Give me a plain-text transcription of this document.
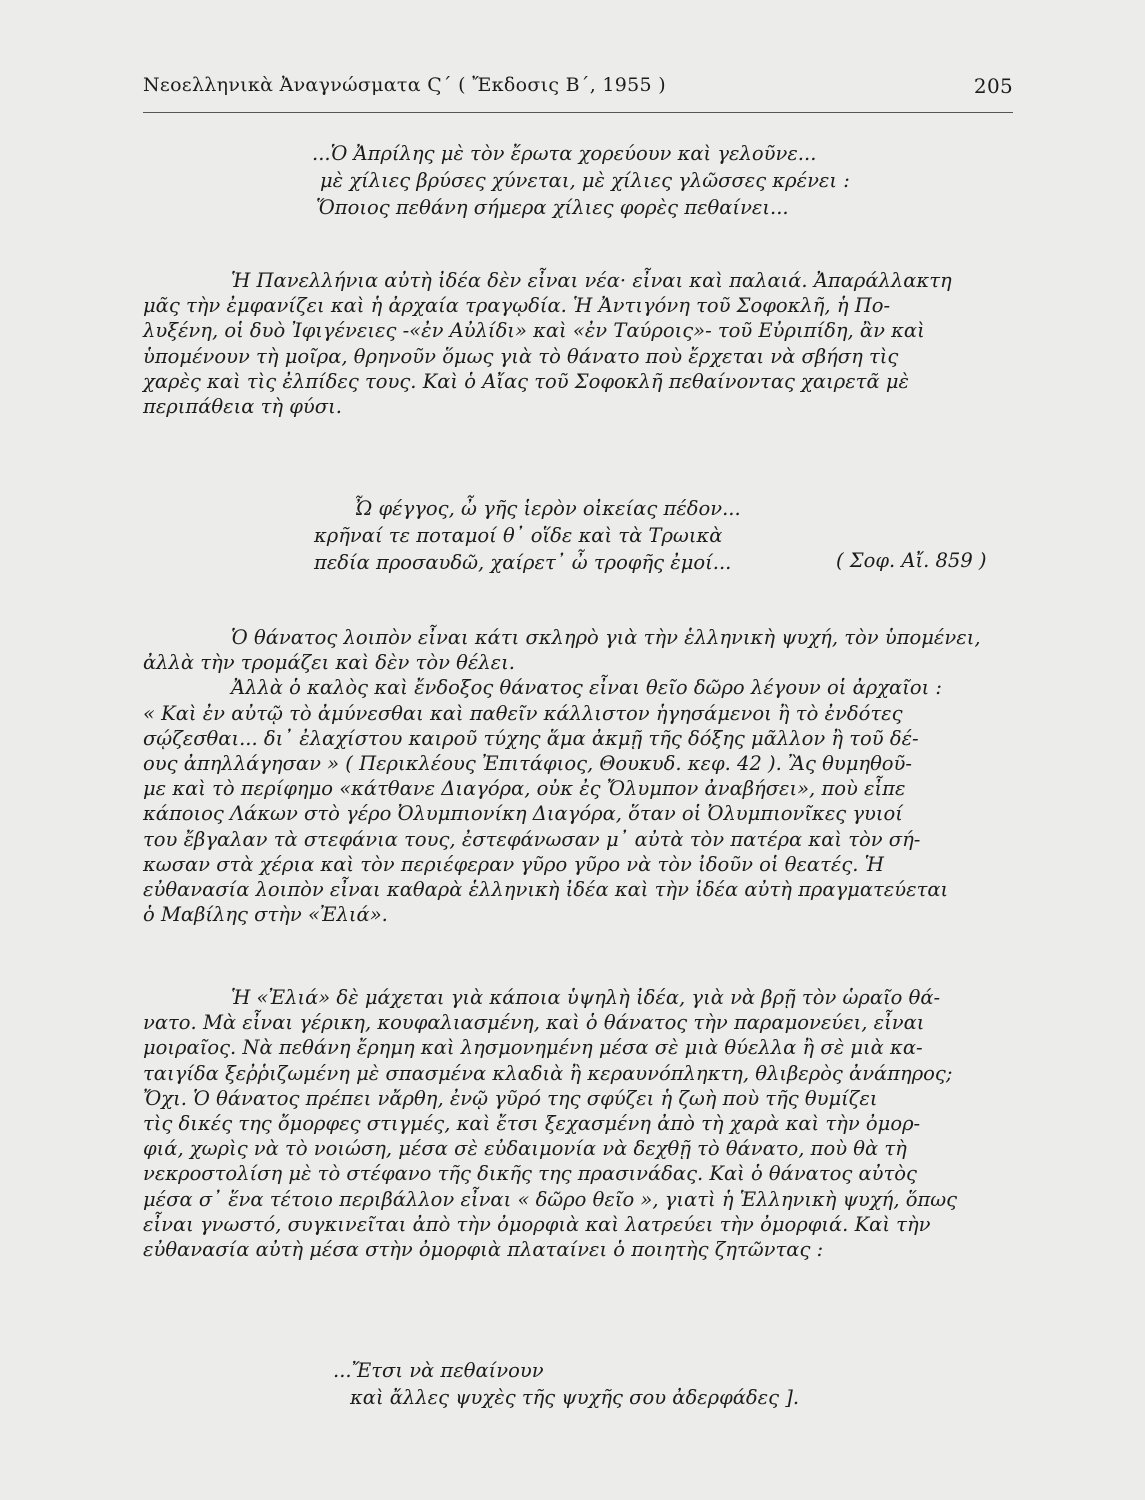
Νεοελληνικὰ Ἀναγνώσματα Ϛ΄ ( Ἔκδοσις Β΄, 1955 )	205
...Ὁ Ἀπρίλης μὲ τὸν ἔρωτα χορεύουν καὶ γελοῦνε...
μὲ χίλιες βρύσες χύνεται, μὲ χίλιες γλῶσσες κρένει :
Ὅποιος πεθάνη σήμερα χίλιες φορὲς πεθαίνει...
Ἡ Πανελλήνια αὐτὴ ἰδέα δὲν εἶναι νέα· εἶναι καὶ παλαιά. Ἀπαράλλακτη
μᾶς τὴν ἐμφανίζει καὶ ἡ ἀρχαία τραγῳδία. Ἡ Ἀντιγόνη τοῦ Σοφοκλῆ, ἡ Πο-
λυξένη, οἱ δυὸ Ἰφιγένειες -«ἐν Αὐλίδι» καὶ «ἐν Ταύροις»- τοῦ Εὐριπίδη, ἂν καὶ
ὑπομένουν τὴ μοῖρα, θρηνοῦν ὅμως γιὰ τὸ θάνατο ποὺ ἔρχεται νὰ σβήση τὶς
χαρὲς καὶ τὶς ἐλπίδες τους. Καὶ ὁ Αἴας τοῦ Σοφοκλῆ πεθαίνοντας χαιρετᾶ μὲ
περιπάθεια τὴ φύσι.
Ὦ φέγγος, ὦ γῆς ἱερὸν οἰκείας πέδον...
κρῆναί τε ποταμοί θ᾽ οἵδε καὶ τὰ Τρωικὰ
πεδία προσαυδῶ, χαίρετ᾽ ὦ τροφῆς ἐμοί...	( Σοφ. Αἴ. 859 )
Ὁ θάνατος λοιπὸν εἶναι κάτι σκληρὸ γιὰ τὴν ἑλληνικὴ ψυχή, τὸν ὑπομένει,
ἀλλὰ τὴν τρομάζει καὶ δὲν τὸν θέλει.
Ἀλλὰ ὁ καλὸς καὶ ἔνδοξος θάνατος εἶναι θεῖο δῶρο λέγουν οἱ ἀρχαῖοι :
« Καὶ ἐν αὐτῷ τὸ ἀμύνεσθαι καὶ παθεῖν κάλλιστον ἡγησάμενοι ἢ τὸ ἐνδότες
σῴζεσθαι... δι᾽ ἐλαχίστου καιροῦ τύχης ἅμα ἀκμῇ τῆς δόξης μᾶλλον ἢ τοῦ δέ-
ους ἀπηλλάγησαν » ( Περικλέους Ἐπιτάφιος, Θουκυδ. κεφ. 42 ). Ἂς θυμηθοῦ-
με καὶ τὸ περίφημο «κάτθανε Διαγόρα, οὐκ ἐς Ὄλυμπον ἀναβήσει», ποὺ εἶπε
κάποιος Λάκων στὸ γέρο Ὀλυμπιονίκη Διαγόρα, ὅταν οἱ Ὀλυμπιονῖκες γυιοί
του ἔβγαλαν τὰ στεφάνια τους, ἐστεφάνωσαν μ᾽ αὐτὰ τὸν πατέρα καὶ τὸν σή-
κωσαν στὰ χέρια καὶ τὸν περιέφεραν γῦρο γῦρο νὰ τὸν ἰδοῦν οἱ θεατές. Ἡ
εὐθανασία λοιπὸν εἶναι καθαρὰ ἑλληνικὴ ἰδέα καὶ τὴν ἰδέα αὐτὴ πραγματεύεται
ὁ Μαβίλης στὴν «Ἐλιά».
Ἡ «Ἐλιά» δὲ μάχεται γιὰ κάποια ὑψηλὴ ἰδέα, γιὰ νὰ βρῇ τὸν ὡραῖο θά-
νατο. Μὰ εἶναι γέρικη, κουφαλιασμένη, καὶ ὁ θάνατος τὴν παραμονεύει, εἶναι
μοιραῖος. Νὰ πεθάνη ἔρημη καὶ λησμονημένη μέσα σὲ μιὰ θύελλα ἢ σὲ μιὰ κα-
ταιγίδα ξεῤῥιζωμένη μὲ σπασμένα κλαδιὰ ἢ κεραυνόπληκτη, θλιβερὸς ἀνάπηρος;
Ὄχι. Ὁ θάνατος πρέπει νἄρθη, ἐνῷ γῦρό της σφύζει ἡ ζωὴ ποὺ τῆς θυμίζει
τὶς δικές της ὄμορφες στιγμές, καὶ ἔτσι ξεχασμένη ἀπὸ τὴ χαρὰ καὶ τὴν ὀμορ-
φιά, χωρὶς νὰ τὸ νοιώση, μέσα σὲ εὐδαιμονία νὰ δεχθῇ τὸ θάνατο, ποὺ θὰ τὴ
νεκροστολίση μὲ τὸ στέφανο τῆς δικῆς της πρασινάδας. Καὶ ὁ θάνατος αὐτὸς
μέσα σ᾽ ἕνα τέτοιο περιβάλλον εἶναι « δῶρο θεῖο », γιατὶ ἡ Ἑλληνικὴ ψυχή, ὅπως
εἶναι γνωστό, συγκινεῖται ἀπὸ τὴν ὀμορφιὰ καὶ λατρεύει τὴν ὀμορφιά. Καὶ τὴν
εὐθανασία αὐτὴ μέσα στὴν ὀμορφιὰ πλαταίνει ὁ ποιητὴς ζητῶντας :
...Ἔτσι νὰ πεθαίνουν
καὶ ἄλλες ψυχὲς τῆς ψυχῆς σου ἀδερφάδες ].
